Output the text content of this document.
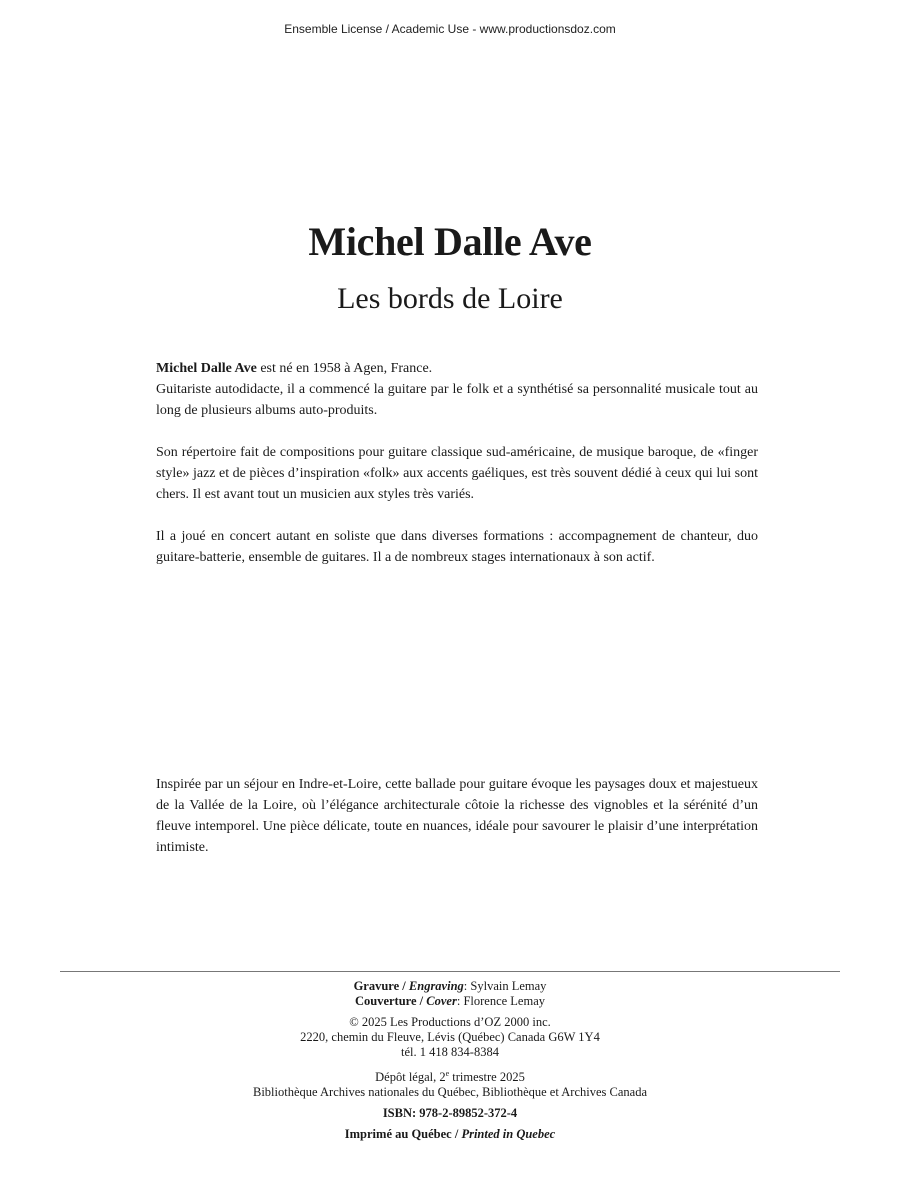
Ensemble License / Academic Use - www.productionsdoz.com
Michel Dalle Ave
Les bords de Loire

Michel Dalle Ave est né en 1958 à Agen, France.

Guitariste autodidacte, il a commencé la guitare par le folk et a synthétisé sa personnalité musicale tout au long de plusieurs albums auto-produits.

Son répertoire fait de compositions pour guitare classique sud-américaine, de musique baroque, de «finger style» jazz et de pièces d’inspiration «folk» aux accents gaéliques, est très souvent dédié à ceux qui lui sont chers. Il est avant tout un musicien aux styles très variés.

Il a joué en concert autant en soliste que dans diverses formations : accompagnement de chanteur, duo guitare-batterie, ensemble de guitares. Il a de nombreux stages internationaux à son actif.

Inspirée par un séjour en Indre-et-Loire, cette ballade pour guitare évoque les paysages doux et majestueux de la Vallée de la Loire, où l’élégance architecturale côtoie la richesse des vignobles et la sérénité d’un fleuve intemporel. Une pièce délicate, toute en nuances, idéale pour savourer le plaisir d’une interprétation intimiste.

Gravure / Engraving: Sylvain Lemay
Couverture / Cover: Florence Lemay
© 2025 Les Productions d’OZ 2000 inc.
2220, chemin du Fleuve, Lévis (Québec) Canada G6W 1Y4
tél. 1 418 834-8384
Dépôt légal, 2e trimestre 2025
Bibliothèque Archives nationales du Québec, Bibliothèque et Archives Canada
ISBN: 978-2-89852-372-4
Imprimé au Québec / Printed in Quebec
